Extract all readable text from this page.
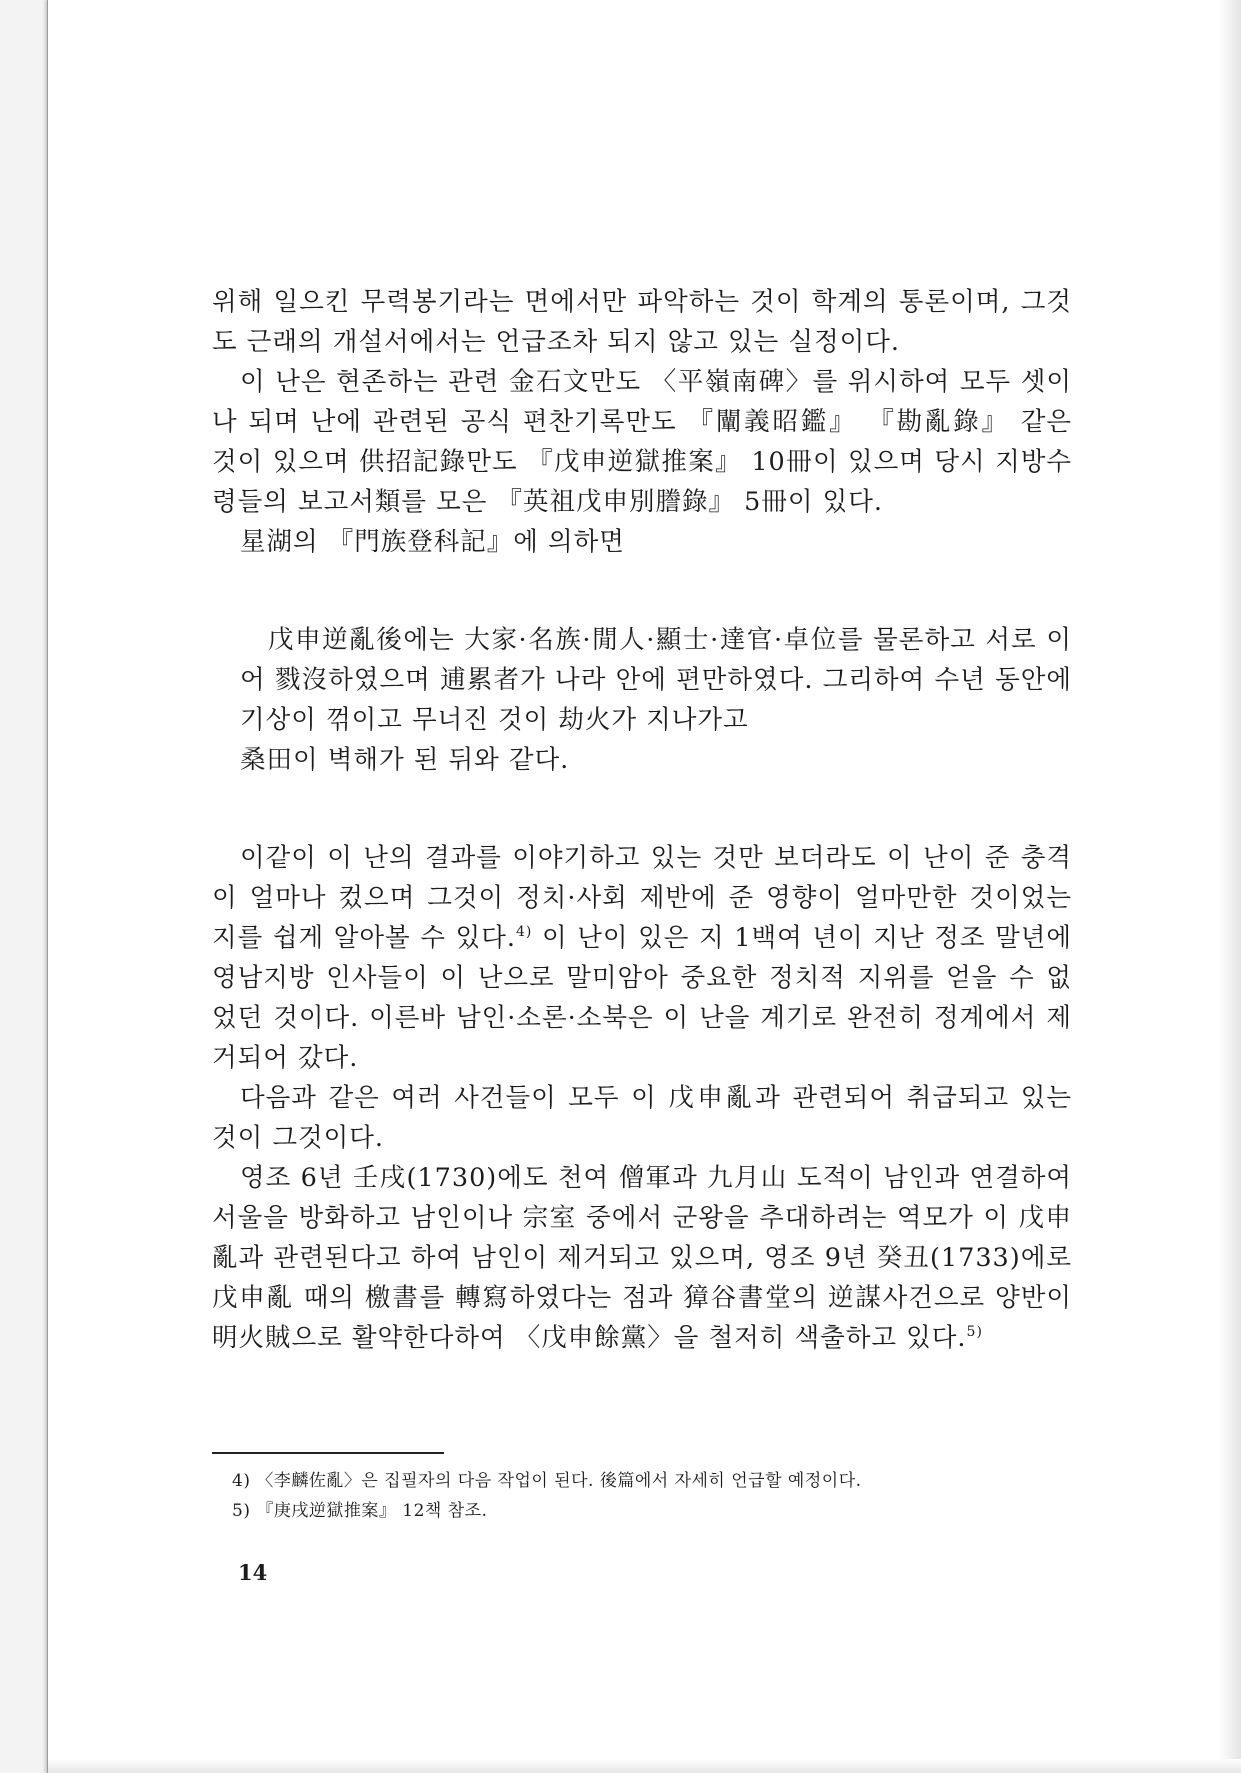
위해 일으킨 무력봉기라는 면에서만 파악하는 것이 학계의 통론이며, 그것도 근래의 개설서에서는 언급조차 되지 않고 있는 실정이다.

이 난은 현존하는 관련 金石文만도 〈平嶺南碑〉를 위시하여 모두 셋이나 되며 난에 관련된 공식 편찬기록만도 『闡義昭鑑』 『勘亂錄』 같은 것이 있으며 供招記錄만도 『戊申逆獄推案』 10冊이 있으며 당시 지방수령들의 보고서類를 모은 『英祖戊申別謄錄』 5冊이 있다.

星湖의 『門族登科記』에 의하면

戊申逆亂後에는 大家·名族·閒人·顯士·達官·卓位를 물론하고 서로 이어 戮沒하였으며 逋累者가 나라 안에 편만하였다. 그리하여 수년 동안에 기상이 꺾이고 무너진 것이 劫火가 지나가고

桑田이 벽해가 된 뒤와 같다.

이같이 이 난의 결과를 이야기하고 있는 것만 보더라도 이 난이 준 충격이 얼마나 컸으며 그것이 정치·사회 제반에 준 영향이 얼마만한 것이었는지를 쉽게 알아볼 수 있다.$^{4)}$ 이 난이 있은 지 1백여 년이 지난 정조 말년에 영남지방 인사들이 이 난으로 말미암아 중요한 정치적 지위를 얻을 수 없었던 것이다. 이른바 남인·소론·소북은 이 난을 계기로 완전히 정계에서 제거되어 갔다.

다음과 같은 여러 사건들이 모두 이 戊申亂과 관련되어 취급되고 있는 것이 그것이다.

영조 6년 壬戌(1730)에도 천여 僧軍과 九月山 도적이 남인과 연결하여 서울을 방화하고 남인이나 宗室 중에서 군왕을 추대하려는 역모가 이 戊申亂과 관련된다고 하여 남인이 제거되고 있으며, 영조 9년 癸丑(1733)에로 戊申亂 때의 檄書를 轉寫하였다는 점과 獐谷書堂의 逆謀사건으로 양반이 明火賊으로 활약한다하여 〈戊申餘黨〉을 철저히 색출하고 있다.$^{5)}$

4) 〈李麟佐亂〉은 집필자의 다음 작업이 된다. 後篇에서 자세히 언급할 예정이다.
5) 『庚戌逆獄推案』 12책 참조.
14
